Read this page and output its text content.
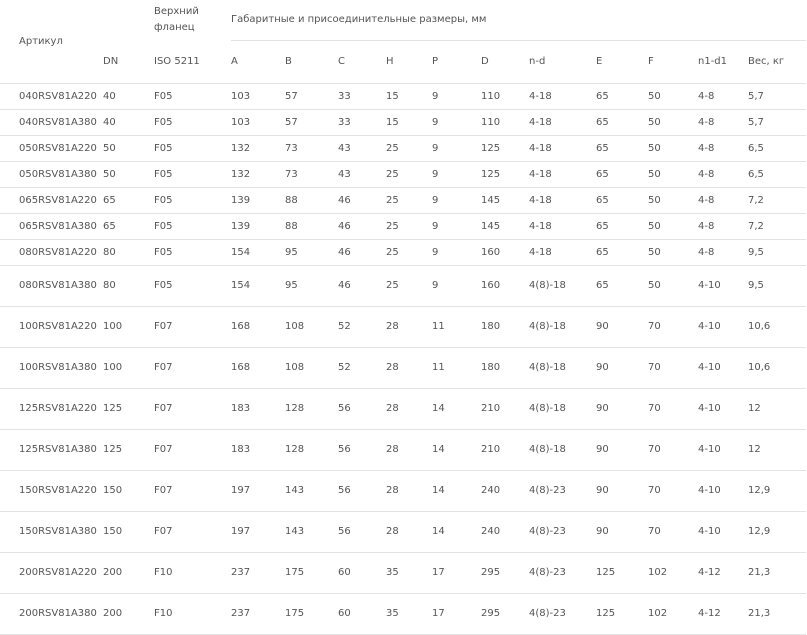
Артикул		Верхний фланец	Габаритные и присоединительные размеры, мм										
	DN	ISO 5211	A	B	C	H	P	D	n-d	E	F	n1-d1	Вес, кг
040RSV81A220	40	F05	103	57	33	15	9	110	4-18	65	50	4-8	5,7
040RSV81A380	40	F05	103	57	33	15	9	110	4-18	65	50	4-8	5,7
050RSV81A220	50	F05	132	73	43	25	9	125	4-18	65	50	4-8	6,5
050RSV81A380	50	F05	132	73	43	25	9	125	4-18	65	50	4-8	6,5
065RSV81A220	65	F05	139	88	46	25	9	145	4-18	65	50	4-8	7,2
065RSV81A380	65	F05	139	88	46	25	9	145	4-18	65	50	4-8	7,2
080RSV81A220	80	F05	154	95	46	25	9	160	4-18	65	50	4-8	9,5
080RSV81A380	80	F05	154	95	46	25	9	160	4(8)-18	65	50	4-10	9,5
100RSV81A220	100	F07	168	108	52	28	11	180	4(8)-18	90	70	4-10	10,6
100RSV81A380	100	F07	168	108	52	28	11	180	4(8)-18	90	70	4-10	10,6
125RSV81A220	125	F07	183	128	56	28	14	210	4(8)-18	90	70	4-10	12
125RSV81A380	125	F07	183	128	56	28	14	210	4(8)-18	90	70	4-10	12
150RSV81A220	150	F07	197	143	56	28	14	240	4(8)-23	90	70	4-10	12,9
150RSV81A380	150	F07	197	143	56	28	14	240	4(8)-23	90	70	4-10	12,9
200RSV81A220	200	F10	237	175	60	35	17	295	4(8)-23	125	102	4-12	21,3
200RSV81A380	200	F10	237	175	60	35	17	295	4(8)-23	125	102	4-12	21,3
